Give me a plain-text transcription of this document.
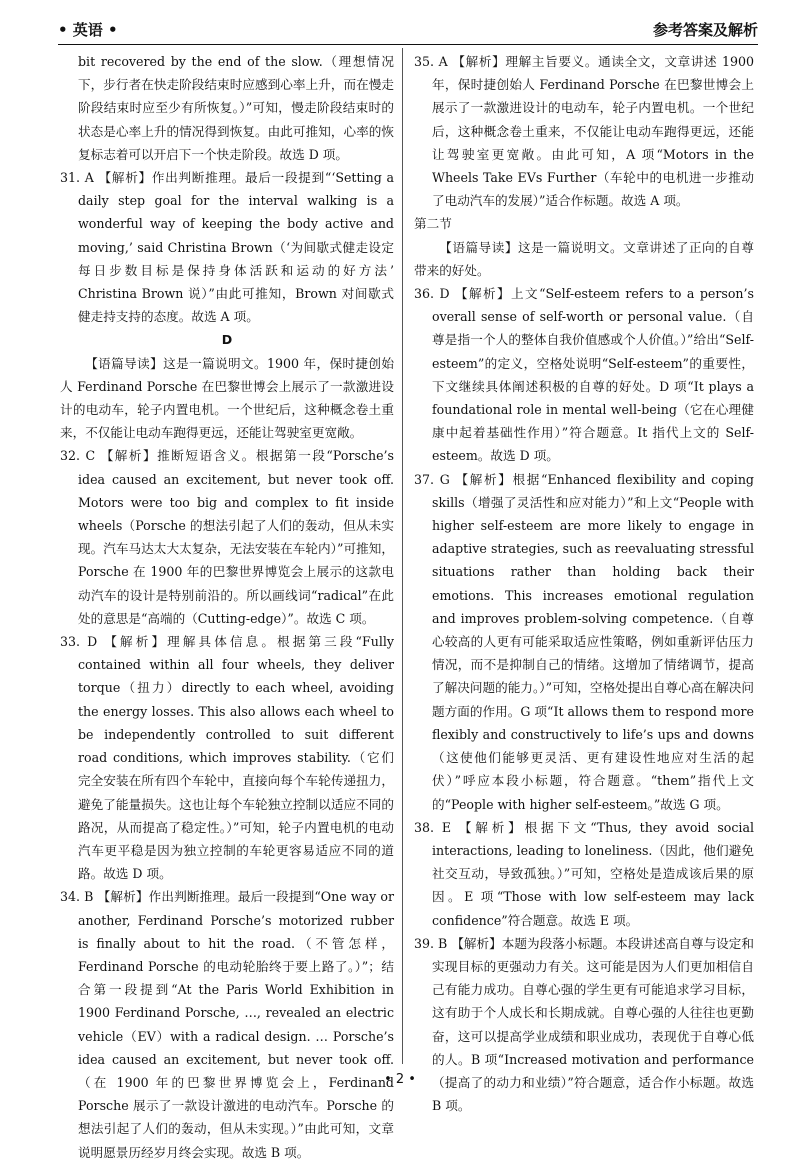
• 英语 •	参考答案及解析

bit recovered by the end of the slow.（理想情况下，步行者在快走阶段结束时应感到心率上升，而在慢走阶段结束时应至少有所恢复。）”可知，慢走阶段结束时的状态是心率上升的情况得到恢复。由此可推知，心率的恢复标志着可以开启下一个快走阶段。故选 D 项。

31. A 【解析】作出判断推理。最后一段提到“‘Setting a daily step goal for the interval walking is a wonderful way of keeping the body active and moving,’ said Christina Brown（‘为间歇式健走设定每日步数目标是保持身体活跃和运动的好方法’ Christina Brown 说）”由此可推知，Brown 对间歇式健走持支持的态度。故选 A 项。

D

【语篇导读】这是一篇说明文。1900 年，保时捷创始人 Ferdinand Porsche 在巴黎世博会上展示了一款激进设计的电动车，轮子内置电机。一个世纪后，这种概念卷土重来，不仅能让电动车跑得更远，还能让驾驶室更宽敞。

32. C 【解析】推断短语含义。根据第一段“Porsche’s idea caused an excitement, but never took off. Motors were too big and complex to fit inside wheels（Porsche 的想法引起了人们的轰动，但从未实现。汽车马达太大太复杂，无法安装在车轮内）”可推知，Porsche 在 1900 年的巴黎世界博览会上展示的这款电动汽车的设计是特别前沿的。所以画线词“radical”在此处的意思是“高端的（Cutting-edge）”。故选 C 项。

33. D 【解析】理解具体信息。根据第三段“Fully contained within all four wheels, they deliver torque（扭力）directly to each wheel, avoiding the energy losses. This also allows each wheel to be independently controlled to suit different road conditions, which improves stability.（它们完全安装在所有四个车轮中，直接向每个车轮传递扭力，避免了能量损失。这也让每个车轮独立控制以适应不同的路况，从而提高了稳定性。）”可知，轮子内置电机的电动汽车更平稳是因为独立控制的车轮更容易适应不同的道路。故选 D 项。

34. B 【解析】作出判断推理。最后一段提到“One way or another, Ferdinand Porsche’s motorized rubber is finally about to hit the road.（不管怎样，Ferdinand Porsche 的电动轮胎终于要上路了。）”；结合第一段提到“At the Paris World Exhibition in 1900 Ferdinand Porsche, …, revealed an electric vehicle（EV）with a radical design. … Porsche’s idea caused an excitement, but never took off.（在 1900 年的巴黎世界博览会上，Ferdinand Porsche 展示了一款设计激进的电动汽车。Porsche 的想法引起了人们的轰动，但从未实现。）”由此可知，文章说明愿景历经岁月终会实现。故选 B 项。

35. A 【解析】理解主旨要义。通读全文，文章讲述 1900 年，保时捷创始人 Ferdinand Porsche 在巴黎世博会上展示了一款激进设计的电动车，轮子内置电机。一个世纪后，这种概念卷土重来，不仅能让电动车跑得更远，还能让驾驶室更宽敞。由此可知，A 项“Motors in the Wheels Take EVs Further（车轮中的电机进一步推动了电动汽车的发展）”适合作标题。故选 A 项。

第二节

【语篇导读】这是一篇说明文。文章讲述了正向的自尊带来的好处。

36. D 【解析】上文“Self-esteem refers to a person’s overall sense of self-worth or personal value.（自尊是指一个人的整体自我价值感或个人价值。）”给出“Self-esteem”的定义，空格处说明“Self-esteem”的重要性，下文继续具体阐述积极的自尊的好处。D 项“It plays a foundational role in mental well-being（它在心理健康中起着基础性作用）”符合题意。It 指代上文的 Self-esteem。故选 D 项。

37. G 【解析】根据“Enhanced flexibility and coping skills（增强了灵活性和应对能力）”和上文“People with higher self-esteem are more likely to engage in adaptive strategies, such as reevaluating stressful situations rather than holding back their emotions. This increases emotional regulation and improves problem-solving competence.（自尊心较高的人更有可能采取适应性策略，例如重新评估压力情况，而不是抑制自己的情绪。这增加了情绪调节，提高了解决问题的能力。）”可知，空格处提出自尊心高在解决问题方面的作用。G 项“It allows them to respond more flexibly and constructively to life’s ups and downs（这使他们能够更灵活、更有建设性地应对生活的起伏）”呼应本段小标题，符合题意。“them”指代上文的“People with higher self-esteem。”故选 G 项。

38. E 【解析】根据下文“Thus, they avoid social interactions, leading to loneliness.（因此，他们避免社交互动，导致孤独。）”可知，空格处是造成该后果的原因。E 项“Those with low self-esteem may lack confidence”符合题意。故选 E 项。

39. B 【解析】本题为段落小标题。本段讲述高自尊与设定和实现目标的更强动力有关。这可能是因为人们更加相信自己有能力成功。自尊心强的学生更有可能追求学习目标，这有助于个人成长和长期成就。自尊心强的人往往也更勤奋，这可以提高学业成绩和职业成功，表现优于自尊心低的人。B 项“Increased motivation and performance（提高了的动力和业绩）”符合题意，适合作小标题。故选 B 项。

• 2 •
